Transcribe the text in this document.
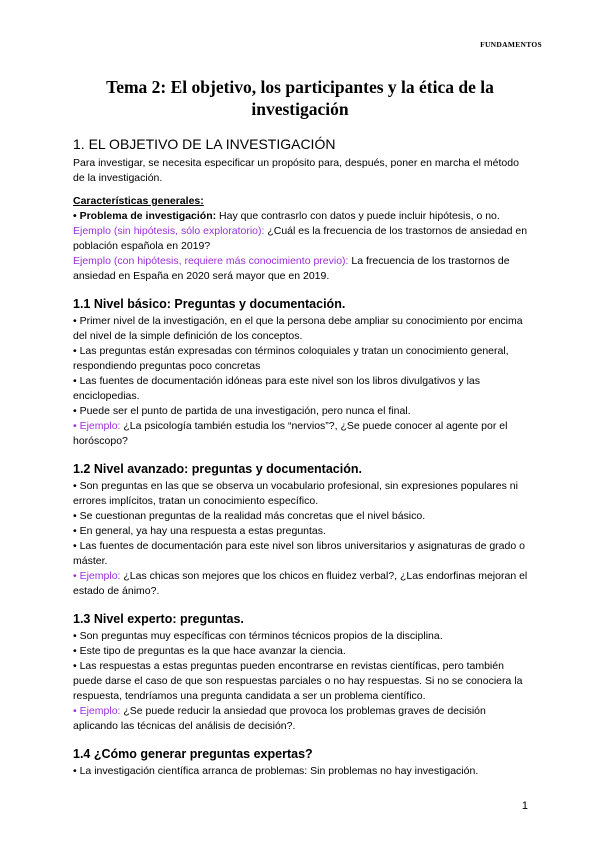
FUNDAMENTOS
Tema 2: El objetivo, los participantes y la ética de la investigación
1. EL OBJETIVO DE LA INVESTIGACIÓN

Para investigar, se necesita especificar un propósito para, después, poner en marcha el método de la investigación.

Características generales:

• Problema de investigación: Hay que contrasrlo con datos y puede incluir hipótesis, o no.

Ejemplo (sin hipótesis, sólo exploratorio): ¿Cuál es la frecuencia de los trastornos de ansiedad en población española en 2019?

Ejemplo (con hipótesis, requiere más conocimiento previo): La frecuencia de los trastornos de ansiedad en España en 2020 será mayor que en 2019.

1.1 Nivel básico: Preguntas y documentación.

• Primer nivel de la investigación, en el que la persona debe ampliar su conocimiento por encima del nivel de la simple definición de los conceptos.

• Las preguntas están expresadas con términos coloquiales y tratan un conocimiento general, respondiendo preguntas poco concretas

• Las fuentes de documentación idóneas para este nivel son los libros divulgativos y las enciclopedias.

• Puede ser el punto de partida de una investigación, pero nunca el final.

• Ejemplo: ¿La psicología también estudia los “nervios”?, ¿Se puede conocer al agente por el horóscopo?

1.2 Nivel avanzado: preguntas y documentación.

• Son preguntas en las que se observa un vocabulario profesional, sin expresiones populares ni errores implícitos, tratan un conocimiento específico.

• Se cuestionan preguntas de la realidad más concretas que el nivel básico.

• En general, ya hay una respuesta a estas preguntas.

• Las fuentes de documentación para este nivel son libros universitarios y asignaturas de grado o máster.

• Ejemplo: ¿Las chicas son mejores que los chicos en fluidez verbal?, ¿Las endorfinas mejoran el estado de ánimo?.

1.3 Nivel experto: preguntas.

• Son preguntas muy específicas con términos técnicos propios de la disciplina.

• Este tipo de preguntas es la que hace avanzar la ciencia.

• Las respuestas a estas preguntas pueden encontrarse en revistas científicas, pero también puede darse el caso de que son respuestas parciales o no hay respuestas. Si no se conociera la respuesta, tendríamos una pregunta candidata a ser un problema científico.

• Ejemplo: ¿Se puede reducir la ansiedad que provoca los problemas graves de decisión aplicando las técnicas del análisis de decisión?.

1.4 ¿Cómo generar preguntas expertas?

• La investigación científica arranca de problemas: Sin problemas no hay investigación.

1
